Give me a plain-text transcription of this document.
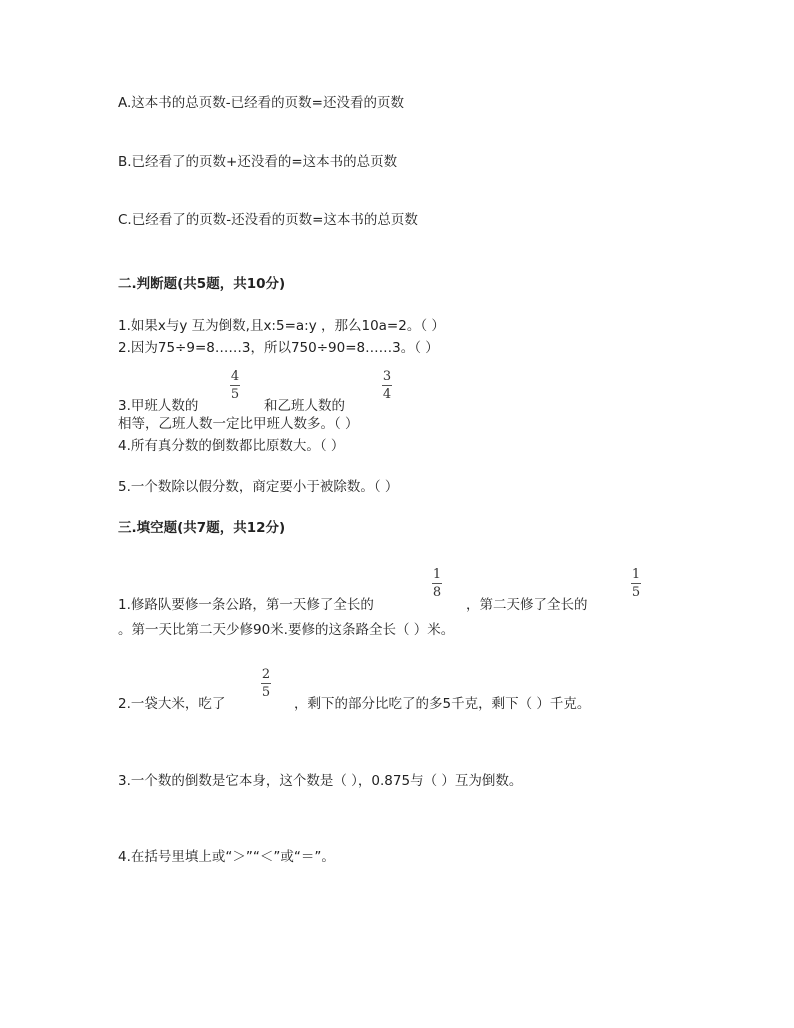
A.这本书的总页数-已经看的页数=还没看的页数
B.已经看了的页数+还没看的=这本书的总页数
C.已经看了的页数-还没看的页数=这本书的总页数
二.判断题(共5题，共10分)
1.如果x与y 互为倒数,且x:5=a:y ，那么10a=2。（ ）
2.因为75÷9=8……3，所以750÷90=8……3。（ ）
3.甲班人数的
4
5
和乙班人数的
3
4
相等，乙班人数一定比甲班人数多。（ ）
4.所有真分数的倒数都比原数大。（ ）
5.一个数除以假分数，商定要小于被除数。（ ）
三.填空题(共7题，共12分)
1.修路队要修一条公路，第一天修了全长的
1
8
，第二天修了全长的
1
5
。第一天比第二天少修90米.要修的这条路全长（ ）米。
2.一袋大米，吃了
2
5
，剩下的部分比吃了的多5千克，剩下（ ）千克。
3.一个数的倒数是它本身，这个数是（ ），0.875与（ ）互为倒数。
4.在括号里填上或“＞”“＜”或“＝”。
